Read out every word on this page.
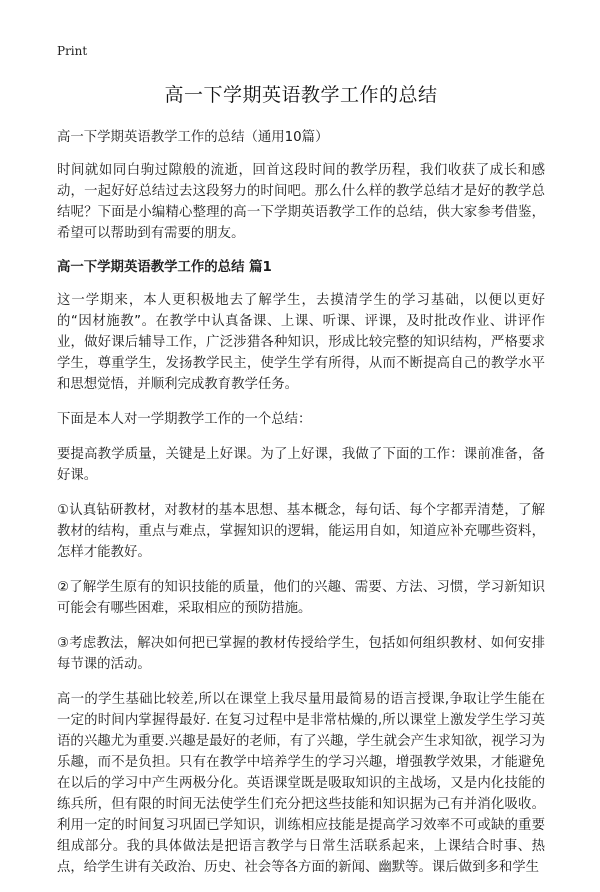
Print
高一下学期英语教学工作的总结

高一下学期英语教学工作的总结（通用10篇）

时间就如同白驹过隙般的流逝，回首这段时间的教学历程，我们收获了成长和感动，一起好好总结过去这段努力的时间吧。那么什么样的教学总结才是好的教学总结呢？下面是小编精心整理的高一下学期英语教学工作的总结，供大家参考借鉴，希望可以帮助到有需要的朋友。

高一下学期英语教学工作的总结 篇1

这一学期来，本人更积极地去了解学生，去摸清学生的学习基础，以便以更好的“因材施教”。在教学中认真备课、上课、听课、评课，及时批改作业、讲评作业，做好课后辅导工作，广泛涉猎各种知识，形成比较完整的知识结构，严格要求学生，尊重学生，发扬教学民主，使学生学有所得，从而不断提高自己的教学水平和思想觉悟，并顺利完成教育教学任务。

下面是本人对一学期教学工作的一个总结：

要提高教学质量，关键是上好课。为了上好课，我做了下面的工作：课前准备，备好课。

①认真钻研教材，对教材的基本思想、基本概念，每句话、每个字都弄清楚，了解教材的结构，重点与难点，掌握知识的逻辑，能运用自如，知道应补充哪些资料，怎样才能教好。

②了解学生原有的知识技能的质量，他们的兴趣、需要、方法、习惯，学习新知识可能会有哪些困难，采取相应的预防措施。

③考虑教法，解决如何把已掌握的教材传授给学生，包括如何组织教材、如何安排每节课的活动。

高一的学生基础比较差,所以在课堂上我尽量用最简易的语言授课,争取让学生能在一定的时间内掌握得最好. 在复习过程中是非常枯燥的,所以课堂上激发学生学习英语的兴趣尤为重要.兴趣是最好的老师，有了兴趣，学生就会产生求知欲，视学习为乐趣，而不是负担。只有在教学中培养学生的学习兴趣，增强教学效果，才能避免在以后的学习中产生两极分化。英语课堂既是吸取知识的主战场，又是内化技能的练兵所，但有限的时间无法使学生们充分把这些技能和知识据为己有并消化吸收。利用一定的时间复习巩固已学知识，训练相应技能是提高学习效率不可或缺的重要组成部分。我的具体做法是把语言教学与日常生活联系起来，上课结合时事、热点，给学生讲有关政治、历史、社会等各方面的新闻、幽默等。课后做到多和学生
